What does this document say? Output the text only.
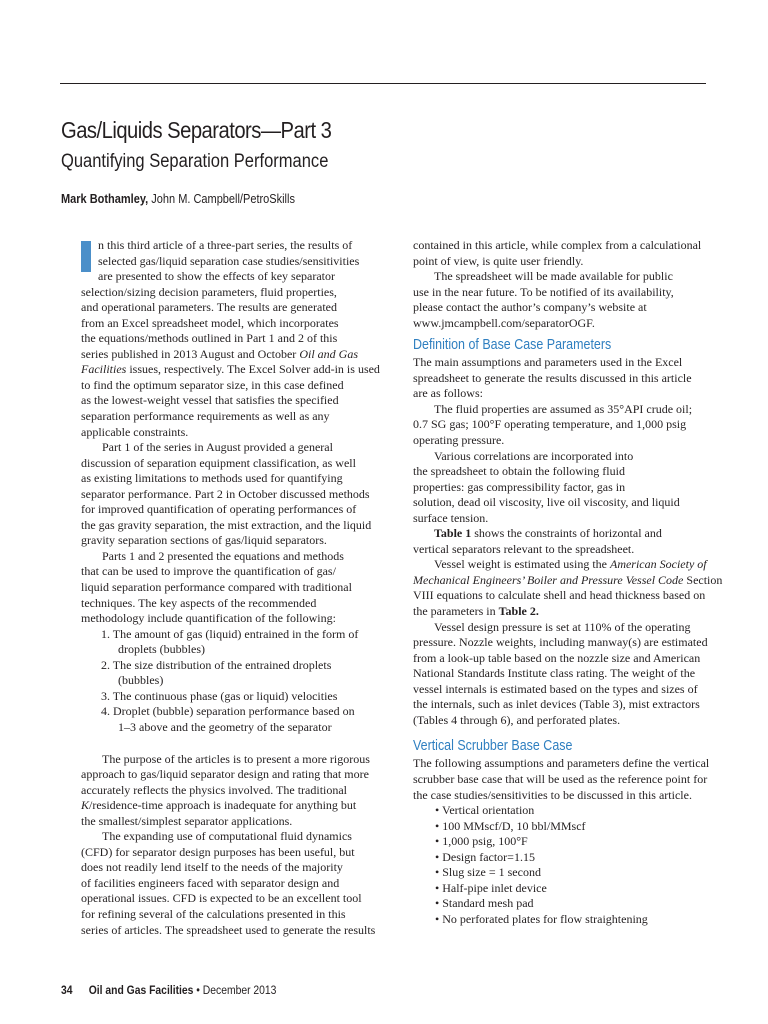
Gas/Liquids Separators—Part 3
Quantifying Separation Performance
Mark Bothamley, John M. Campbell/PetroSkills
n this third article of a three-part series, the results of
selected gas/liquid separation case studies/sensitivities
are presented to show the effects of key separator
selection/sizing decision parameters, fluid properties,
and operational parameters. The results are generated
from an Excel spreadsheet model, which incorporates
the equations/methods outlined in Part 1 and 2 of this
series published in 2013 August and October Oil and Gas
Facilities issues, respectively. The Excel Solver add-in is used
to find the optimum separator size, in this case defined
as the lowest-weight vessel that satisfies the specified
separation performance requirements as well as any
applicable constraints.
Part 1 of the series in August provided a general
discussion of separation equipment classification, as well
as existing limitations to methods used for quantifying
separator performance. Part 2 in October discussed methods
for improved quantification of operating performances of
the gas gravity separation, the mist extraction, and the liquid
gravity separation sections of gas/liquid separators.
Parts 1 and 2 presented the equations and methods
that can be used to improve the quantification of gas/
liquid separation performance compared with traditional
techniques. The key aspects of the recommended
methodology include quantification of the following:
1. The amount of gas (liquid) entrained in the form of
droplets (bubbles)
2. The size distribution of the entrained droplets
(bubbles)
3. The continuous phase (gas or liquid) velocities
4. Droplet (bubble) separation performance based on
1–3 above and the geometry of the separator
The purpose of the articles is to present a more rigorous
approach to gas/liquid separator design and rating that more
accurately reflects the physics involved. The traditional
K/residence-time approach is inadequate for anything but
the smallest/simplest separator applications.
The expanding use of computational fluid dynamics
(CFD) for separator design purposes has been useful, but
does not readily lend itself to the needs of the majority
of facilities engineers faced with separator design and
operational issues. CFD is expected to be an excellent tool
for refining several of the calculations presented in this
series of articles. The spreadsheet used to generate the results
contained in this article, while complex from a calculational
point of view, is quite user friendly.
The spreadsheet will be made available for public
use in the near future. To be notified of its availability,
please contact the author’s company’s website at
www.jmcampbell.com/separatorOGF.
Definition of Base Case Parameters
The main assumptions and parameters used in the Excel
spreadsheet to generate the results discussed in this article
are as follows:
The fluid properties are assumed as 35°API crude oil;
0.7 SG gas; 100°F operating temperature, and 1,000 psig
operating pressure.
Various correlations are incorporated into
the spreadsheet to obtain the following fluid
properties: gas compressibility factor, gas in
solution, dead oil viscosity, live oil viscosity, and liquid
surface tension.
Table 1 shows the constraints of horizontal and
vertical separators relevant to the spreadsheet.
Vessel weight is estimated using the American Society of
Mechanical Engineers’ Boiler and Pressure Vessel Code Section
VIII equations to calculate shell and head thickness based on
the parameters in Table 2.
Vessel design pressure is set at 110% of the operating
pressure. Nozzle weights, including manway(s) are estimated
from a look-up table based on the nozzle size and American
National Standards Institute class rating. The weight of the
vessel internals is estimated based on the types and sizes of
the internals, such as inlet devices (Table 3), mist extractors
(Tables 4 through 6), and perforated plates.
Vertical Scrubber Base Case
The following assumptions and parameters define the vertical
scrubber base case that will be used as the reference point for
the case studies/sensitivities to be discussed in this article.
• Vertical orientation
• 100 MMscf/D, 10 bbl/MMscf
• 1,000 psig, 100°F
• Design factor=1.15
• Slug size = 1 second
• Half-pipe inlet device
• Standard mesh pad
• No perforated plates for flow straightening
34 Oil and Gas Facilities • December 2013
